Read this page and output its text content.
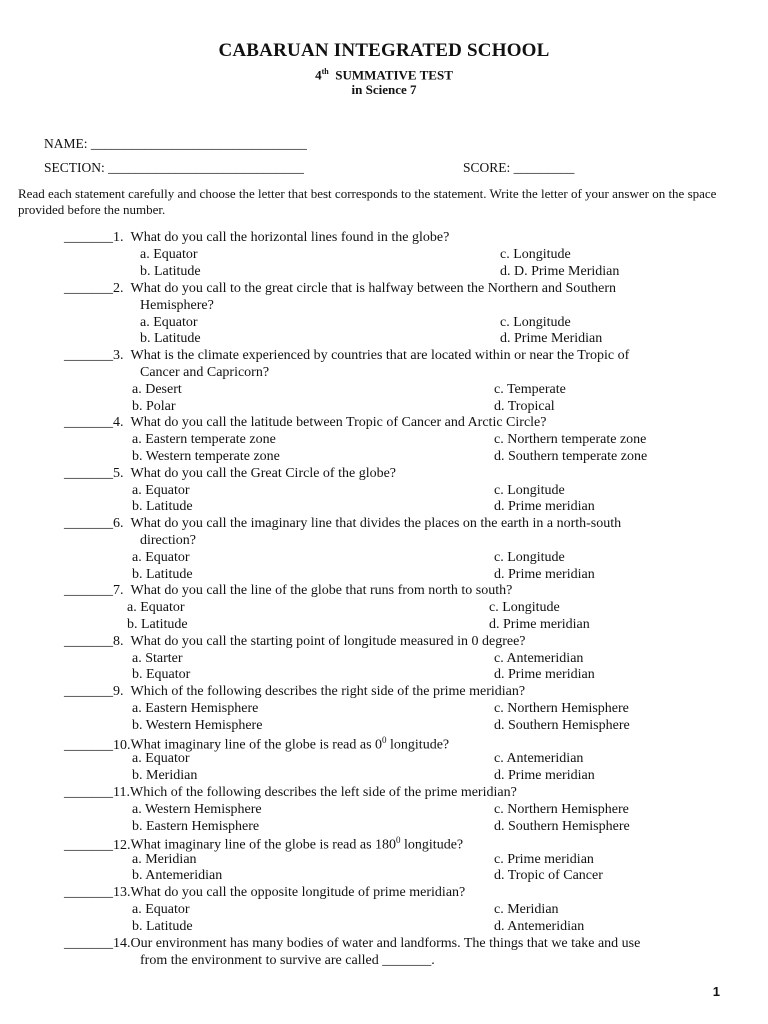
CABARUAN INTEGRATED SCHOOL
4th SUMMATIVE TEST
in Science 7
NAME: ________________________________
SECTION: _____________________________	SCORE: _________
Read each statement carefully and choose the letter that best corresponds to the statement. Write the letter of your answer on the space provided before the number.
_______1. What do you call the horizontal lines found in the globe?
a. Equator	c. Longitude
b. Latitude	d. D. Prime Meridian
_______2. What do you call to the great circle that is halfway between the Northern and Southern
Hemisphere?
a. Equator	c. Longitude
b. Latitude	d. Prime Meridian
_______3. What is the climate experienced by countries that are located within or near the Tropic of
Cancer and Capricorn?
a. Desert	c. Temperate
b. Polar	d. Tropical
_______4. What do you call the latitude between Tropic of Cancer and Arctic Circle?
a. Eastern temperate zone	c. Northern temperate zone
b. Western temperate zone	d. Southern temperate zone
_______5. What do you call the Great Circle of the globe?
a. Equator	c. Longitude
b. Latitude	d. Prime meridian
_______6. What do you call the imaginary line that divides the places on the earth in a north-south
direction?
a. Equator	c. Longitude
b. Latitude	d. Prime meridian
_______7. What do you call the line of the globe that runs from north to south?
a. Equator	c. Longitude
b. Latitude	d. Prime meridian
_______8. What do you call the starting point of longitude measured in 0 degree?
a. Starter	c. Antemeridian
b. Equator	d. Prime meridian
_______9. Which of the following describes the right side of the prime meridian?
a. Eastern Hemisphere	c. Northern Hemisphere
b. Western Hemisphere	d. Southern Hemisphere
_______10.What imaginary line of the globe is read as $0^0$ longitude?
a. Equator	c. Antemeridian
b. Meridian	d. Prime meridian
_______11.Which of the following describes the left side of the prime meridian?
a. Western Hemisphere	c. Northern Hemisphere
b. Eastern Hemisphere	d. Southern Hemisphere
_______12.What imaginary line of the globe is read as $180^0$ longitude?
a. Meridian	c. Prime meridian
b. Antemeridian	d. Tropic of Cancer
_______13.What do you call the opposite longitude of prime meridian?
a. Equator	c. Meridian
b. Latitude	d. Antemeridian
_______14.Our environment has many bodies of water and landforms. The things that we take and use
from the environment to survive are called _______.
1
